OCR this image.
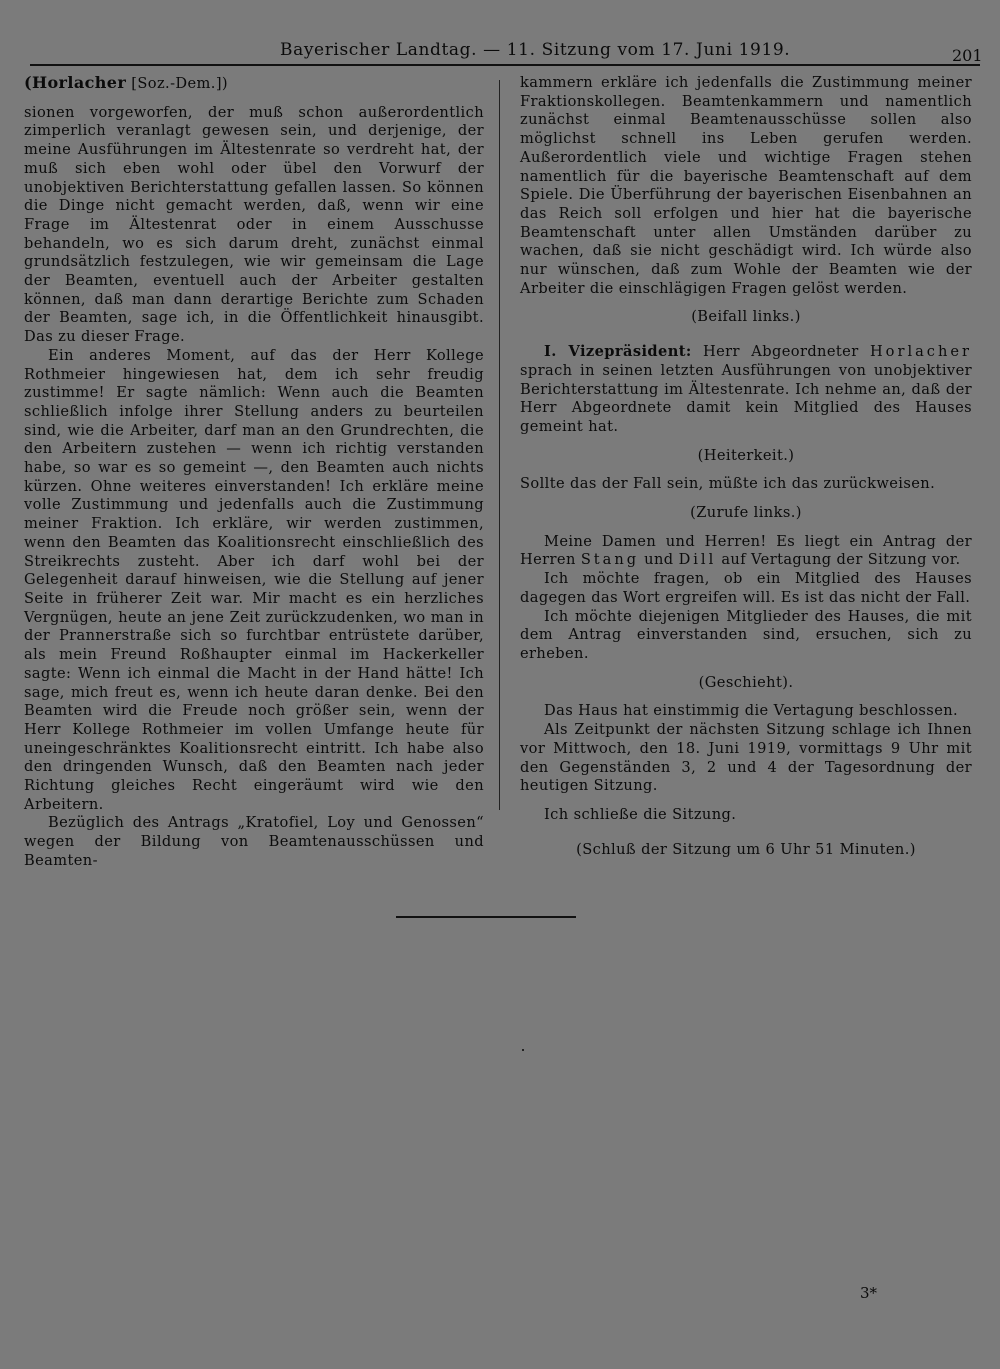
Bayerischer Landtag. — 11. Sitzung vom 17. Juni 1919.	201

(Horlacher [Soz.-Dem.])

sionen vorgeworfen, der muß schon außerordentlich zimperlich veranlagt gewesen sein, und derjenige, der meine Ausführungen im Ältestenrate so verdreht hat, der muß sich eben wohl oder übel den Vorwurf der unobjektiven Berichterstattung gefallen lassen. So können die Dinge nicht gemacht werden, daß, wenn wir eine Frage im Ältestenrat oder in einem Ausschusse behandeln, wo es sich darum dreht, zunächst einmal grundsätzlich festzulegen, wie wir gemeinsam die Lage der Beamten, eventuell auch der Arbeiter gestalten können, daß man dann derartige Berichte zum Schaden der Beamten, sage ich, in die Öffentlichkeit hinausgibt. Das zu dieser Frage.

Ein anderes Moment, auf das der Herr Kollege Rothmeier hingewiesen hat, dem ich sehr freudig zustimme! Er sagte nämlich: Wenn auch die Beamten schließlich infolge ihrer Stellung anders zu beurteilen sind, wie die Arbeiter, darf man an den Grundrechten, die den Arbeitern zustehen — wenn ich richtig verstanden habe, so war es so gemeint —, den Beamten auch nichts kürzen. Ohne weiteres einverstanden! Ich erkläre meine volle Zustimmung und jedenfalls auch die Zustimmung meiner Fraktion. Ich erkläre, wir werden zustimmen, wenn den Beamten das Koalitionsrecht einschließlich des Streikrechts zusteht. Aber ich darf wohl bei der Gelegenheit darauf hinweisen, wie die Stellung auf jener Seite in früherer Zeit war. Mir macht es ein herzliches Vergnügen, heute an jene Zeit zurückzudenken, wo man in der Prannerstraße sich so furchtbar entrüstete darüber, als mein Freund Roßhaupter einmal im Hackerkeller sagte: Wenn ich einmal die Macht in der Hand hätte! Ich sage, mich freut es, wenn ich heute daran denke. Bei den Beamten wird die Freude noch größer sein, wenn der Herr Kollege Rothmeier im vollen Umfange heute für uneingeschränktes Koalitionsrecht eintritt. Ich habe also den dringenden Wunsch, daß den Beamten nach jeder Richtung gleiches Recht eingeräumt wird wie den Arbeitern.

Bezüglich des Antrags „Kratofiel, Loy und Genossen“ wegen der Bildung von Beamtenausschüssen und Beamten-

kammern erkläre ich jedenfalls die Zustimmung meiner Fraktionskollegen. Beamtenkammern und namentlich zunächst einmal Beamtenausschüsse sollen also möglichst schnell ins Leben gerufen werden. Außerordentlich viele und wichtige Fragen stehen namentlich für die bayerische Beamtenschaft auf dem Spiele. Die Überführung der bayerischen Eisenbahnen an das Reich soll erfolgen und hier hat die bayerische Beamtenschaft unter allen Umständen darüber zu wachen, daß sie nicht geschädigt wird. Ich würde also nur wünschen, daß zum Wohle der Beamten wie der Arbeiter die einschlägigen Fragen gelöst werden.

(Beifall links.)

I. Vizepräsident: Herr Abgeordneter Horlacher sprach in seinen letzten Ausführungen von unobjektiver Berichterstattung im Ältestenrate. Ich nehme an, daß der Herr Abgeordnete damit kein Mitglied des Hauses gemeint hat.

(Heiterkeit.)

Sollte das der Fall sein, müßte ich das zurückweisen.

(Zurufe links.)

Meine Damen und Herren! Es liegt ein Antrag der Herren Stang und Dill auf Vertagung der Sitzung vor.

Ich möchte fragen, ob ein Mitglied des Hauses dagegen das Wort ergreifen will. Es ist das nicht der Fall.

Ich möchte diejenigen Mitglieder des Hauses, die mit dem Antrag einverstanden sind, ersuchen, sich zu erheben.

(Geschieht).

Das Haus hat einstimmig die Vertagung beschlossen.

Als Zeitpunkt der nächsten Sitzung schlage ich Ihnen vor Mittwoch, den 18. Juni 1919, vormittags 9 Uhr mit den Gegenständen 3, 2 und 4 der Tagesordnung der heutigen Sitzung.

Ich schließe die Sitzung.

(Schluß der Sitzung um 6 Uhr 51 Minuten.)

3*
